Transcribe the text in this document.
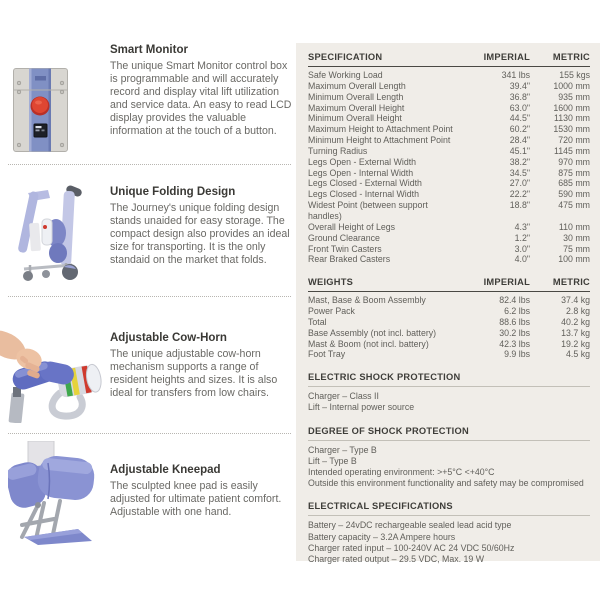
Smart Monitor

The unique Smart Monitor control box is programmable and will accurately record and display vital lift utilization and service data. An easy to read LCD display provides the valuable information at the touch of a button.

Unique Folding Design

The Journey's unique folding design stands unaided for easy storage. The compact design also provides an ideal size for transporting. It is the only standaid on the market that folds.

Adjustable Cow-Horn

The unique adjustable cow-horn mechanism supports a range of resident heights and sizes. It is also ideal for transfers from low chairs.

Adjustable Kneepad

The sculpted knee pad is easily adjusted for ultimate patient comfort. Adjustable with one hand.

SPECIFICATION	IMPERIAL	METRIC
Safe Working Load	341 lbs	155 kgs
Maximum Overall Length	39.4"	1000 mm
Minimum Overall Length	36.8"	935 mm
Maximum Overall Height	63.0"	1600 mm
Minimum Overall Height	44.5"	1130 mm
Maximum Height to Attachment Point	60.2"	1530 mm
Minimum Height to Attachment Point	28.4"	720 mm
Turning Radius	45.1"	1145 mm
Legs Open - External Width	38.2"	970 mm
Legs Open - Internal Width	34.5"	875 mm
Legs Closed - External Width	27.0"	685 mm
Legs Closed - Internal Width	22.2"	590 mm
Widest Point (between support handles)
18.8"	475 mm
Overall Height of Legs	4.3"	110 mm
Ground Clearance	1.2"	30 mm
Front Twin Casters	3.0"	75 mm
Rear Braked Casters	4.0"	100 mm
WEIGHTS	IMPERIAL	METRIC
Mast, Base & Boom Assembly	82.4 lbs	37.4 kg
Power Pack	6.2 lbs	2.8 kg
Total	88.6 lbs	40.2 kg
Base Assembly (not incl. battery)	30.2 lbs	13.7 kg
Mast & Boom (not incl. battery)	42.3 lbs	19.2 kg
Foot Tray	9.9 lbs	4.5 kg
ELECTRIC SHOCK PROTECTION
Charger – Class II
Lift – Internal power source
DEGREE OF SHOCK PROTECTION
Charger – Type B
Lift – Type B
Intended operating environment: >+5°C <+40°C
Outside this environment functionality and safety may be compromised
ELECTRICAL SPECIFICATIONS
Battery – 24vDC rechargeable sealed lead acid type
Battery capacity – 3.2A Ampere hours
Charger rated input – 100-240V AC 24 VDC 50/60Hz
Charger rated output – 29.5 VDC, Max. 19 W
